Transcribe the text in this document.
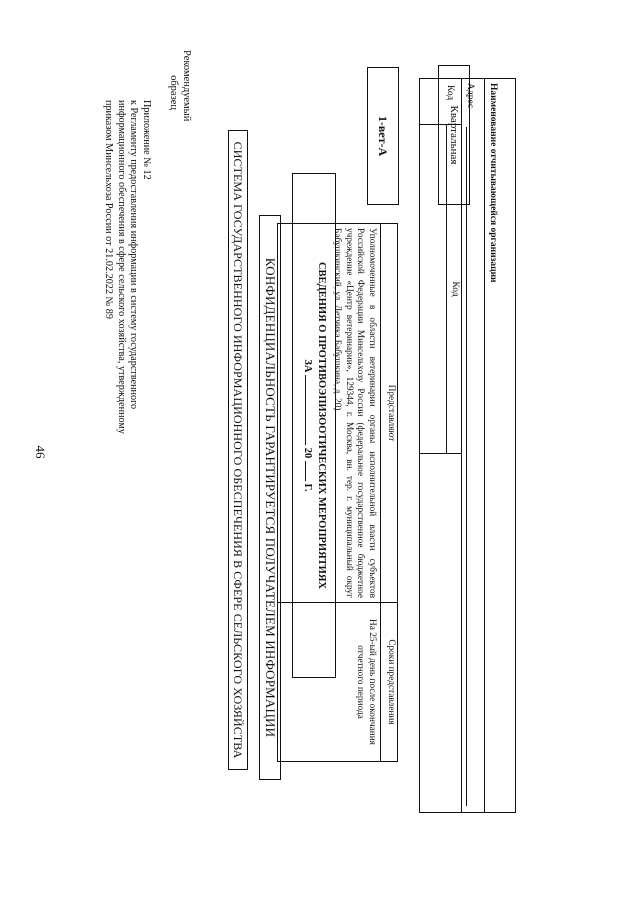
46
Приложение № 12
к Регламенту предоставления информации в систему государственного
информационного обеспечения в сфере сельского хозяйства, утвержденному
приказом Минсельхоза России от 21.02.2022 № 89
Рекомендуемый
образец
СИСТЕМА ГОСУДАРСТВЕННОГО ИНФОРМАЦИОННОГО ОБЕСПЕЧЕНИЯ В СФЕРЕ СЕЛЬСКОГО ХОЗЯЙСТВА	КОНФИДЕНЦИАЛЬНОСТЬ ГАРАНТИРУЕТСЯ ПОЛУЧАТЕЛЕМ ИНФОРМАЦИИ	СВЕДЕНИЯ О ПРОТИВОЭПИЗООТИЧЕСКИХ МЕРОПРИЯТИЯХ
ЗА  20  Г.
Представляют	Сроки представления
Уполномоченные в области ветеринарии органы исполнительной власти субъектов Российской Федерации Минсельхозу России (федеральное государственное бюджетное учреждение «Центр ветеринарии», 129344, г. Москва, вн. тер. г. муниципальный округ Бабушкинский, ул. Летчика Бабушкина, д. 20)	На 25-ый день после окончания отчетного периода
1-вет-А	Квартальная	Наименование отчитывающейся организации
Адрес
Код
Код
